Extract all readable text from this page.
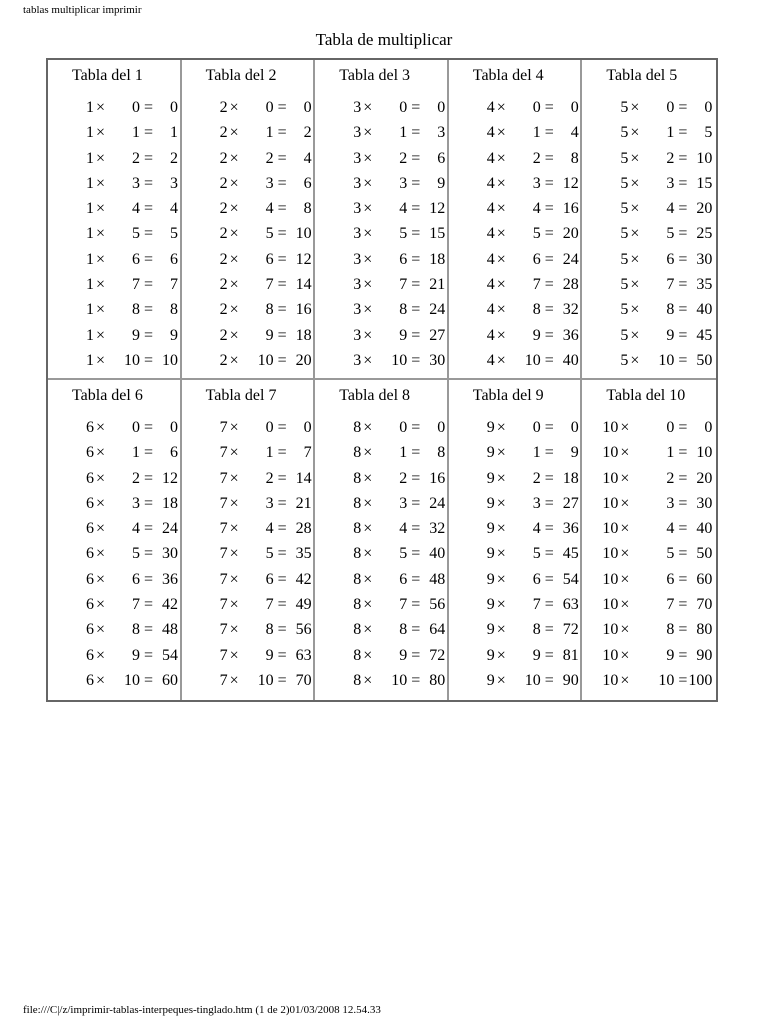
tablas multiplicar imprimir
Tabla de multiplicar
Tabla del 1
1 ×	0 =	0
1 ×	1 =	1
1 ×	2 =	2
1 ×	3 =	3
1 ×	4 =	4
1 ×	5 =	5
1 ×	6 =	6
1 ×	7 =	7
1 ×	8 =	8
1 ×	9 =	9
1 ×	10 = 10
Tabla del 2
2 ×	0 =	0
2 ×	1 =	2
2 ×	2 =	4
2 ×	3 =	6
2 ×	4 =	8
2 ×	5 = 10
2 ×	6 = 12
2 ×	7 = 14
2 ×	8 = 16
2 ×	9 = 18
2 ×	10 = 20
Tabla del 3
3 ×	0 =	0
3 ×	1 =	3
3 ×	2 =	6
3 ×	3 =	9
3 ×	4 = 12
3 ×	5 = 15
3 ×	6 = 18
3 ×	7 = 21
3 ×	8 = 24
3 ×	9 = 27
3 ×	10 = 30
Tabla del 4
4 ×	0 =	0
4 ×	1 =	4
4 ×	2 =	8
4 ×	3 = 12
4 ×	4 = 16
4 ×	5 = 20
4 ×	6 = 24
4 ×	7 = 28
4 ×	8 = 32
4 ×	9 = 36
4 ×	10 = 40
Tabla del 5
5 ×	0 =	0
5 ×	1 =	5
5 ×	2 = 10
5 ×	3 = 15
5 ×	4 = 20
5 ×	5 = 25
5 ×	6 = 30
5 ×	7 = 35
5 ×	8 = 40
5 ×	9 = 45
5 ×	10 = 50
Tabla del 6
6 ×	0 =	0
6 ×	1 =	6
6 ×	2 = 12
6 ×	3 = 18
6 ×	4 = 24
6 ×	5 = 30
6 ×	6 = 36
6 ×	7 = 42
6 ×	8 = 48
6 ×	9 = 54
6 ×	10 = 60
Tabla del 7
7 ×	0 =	0
7 ×	1 =	7
7 ×	2 = 14
7 ×	3 = 21
7 ×	4 = 28
7 ×	5 = 35
7 ×	6 = 42
7 ×	7 = 49
7 ×	8 = 56
7 ×	9 = 63
7 ×	10 = 70
Tabla del 8
8 ×	0 =	0
8 ×	1 =	8
8 ×	2 = 16
8 ×	3 = 24
8 ×	4 = 32
8 ×	5 = 40
8 ×	6 = 48
8 ×	7 = 56
8 ×	8 = 64
8 ×	9 = 72
8 ×	10 = 80
Tabla del 9
9 ×	0 =	0
9 ×	1 =	9
9 ×	2 = 18
9 ×	3 = 27
9 ×	4 = 36
9 ×	5 = 45
9 ×	6 = 54
9 ×	7 = 63
9 ×	8 = 72
9 ×	9 = 81
9 ×	10 = 90
Tabla del 10
10 ×	0 =	0
10 ×	1 = 10
10 ×	2 = 20
10 ×	3 = 30
10 ×	4 = 40
10 ×	5 = 50
10 ×	6 = 60
10 ×	7 = 70
10 ×	8 = 80
10 ×	9 = 90
10 ×	10 = 100
file:///C|/z/imprimir-tablas-interpeques-tinglado.htm (1 de 2)01/03/2008 12.54.33
